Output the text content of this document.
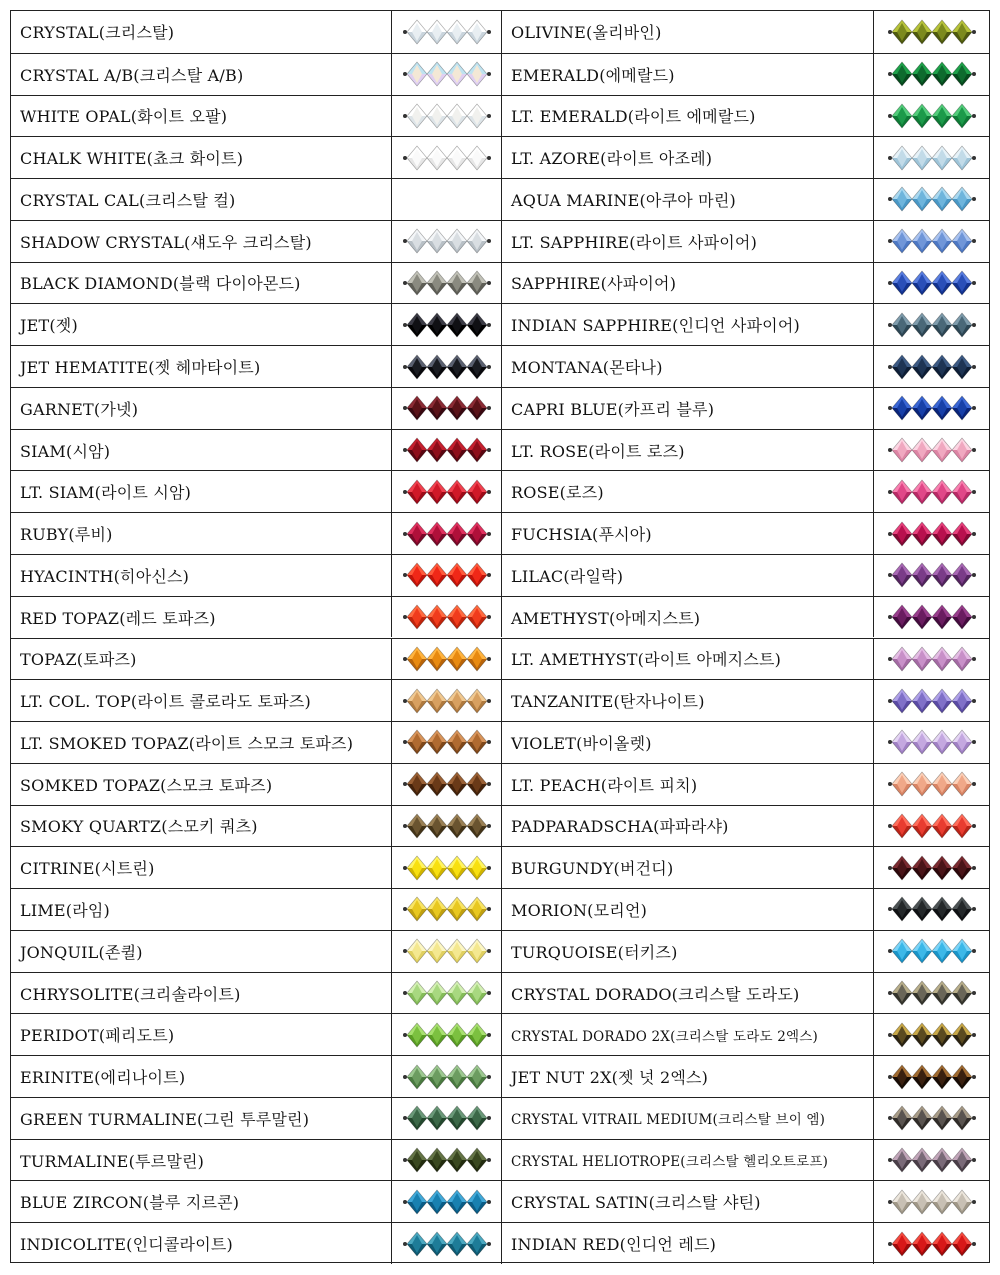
CRYSTAL(크리스탈)	OLIVINE(올리바인)
CRYSTAL A/B(크리스탈 A/B)	EMERALD(에메랄드)
WHITE OPAL(화이트 오팔)	LT. EMERALD(라이트 에메랄드)
CHALK WHITE(쵸크 화이트)	LT. AZORE(라이트 아조레)
CRYSTAL CAL(크리스탈 컬)	AQUA MARINE(아쿠아 마린)
SHADOW CRYSTAL(섀도우 크리스탈)	LT. SAPPHIRE(라이트 사파이어)
BLACK DIAMOND(블랙 다이아몬드)	SAPPHIRE(사파이어)
JET(젯)	INDIAN SAPPHIRE(인디언 사파이어)
JET HEMATITE(젯 헤마타이트)	MONTANA(몬타나)
GARNET(가넷)	CAPRI BLUE(카프리 블루)
SIAM(시암)	LT. ROSE(라이트 로즈)
LT. SIAM(라이트 시암)	ROSE(로즈)
RUBY(루비)	FUCHSIA(푸시아)
HYACINTH(히아신스)	LILAC(라일락)
RED TOPAZ(레드 토파즈)	AMETHYST(아메지스트)
TOPAZ(토파즈)	LT. AMETHYST(라이트 아메지스트)
LT. COL. TOP(라이트 콜로라도 토파즈)	TANZANITE(탄자나이트)
LT. SMOKED TOPAZ(라이트 스모크 토파즈)	VIOLET(바이올렛)
SOMKED TOPAZ(스모크 토파즈)	LT. PEACH(라이트 피치)
SMOKY QUARTZ(스모키 쿼츠)	PADPARADSCHA(파파라샤)
CITRINE(시트린)	BURGUNDY(버건디)
LIME(라임)	MORION(모리언)
JONQUIL(존퀼)	TURQUOISE(터키즈)
CHRYSOLITE(크리솔라이트)	CRYSTAL DORADO(크리스탈 도라도)
PERIDOT(페리도트)	CRYSTAL DORADO 2X(크리스탈 도라도 2엑스)
ERINITE(에리나이트)	JET NUT 2X(젯 넛 2엑스)
GREEN TURMALINE(그린 투루말린)	CRYSTAL VITRAIL MEDIUM(크리스탈 브이 엠)
TURMALINE(투르말린)	CRYSTAL HELIOTROPE(크리스탈 헬리오트로프)
BLUE ZIRCON(블루 지르콘)	CRYSTAL SATIN(크리스탈 샤틴)
INDICOLITE(인디콜라이트)	INDIAN RED(인디언 레드)
